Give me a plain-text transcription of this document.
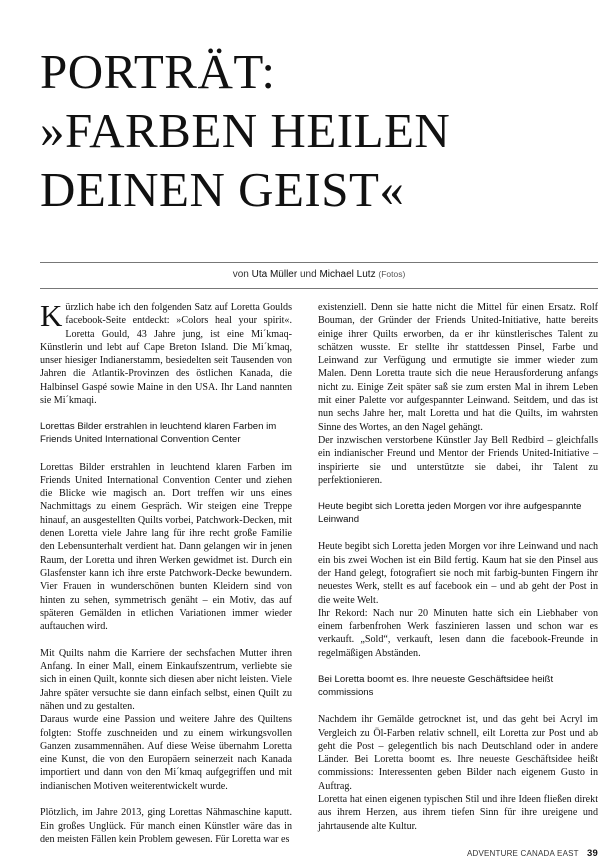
PORTRÄT:
»FARBEN HEILEN
DEINEN GEIST«
von Uta Müller und Michael Lutz (Fotos)

Kürzlich habe ich den folgenden Satz auf Loretta Goulds facebook-Seite entdeckt: »Colors heal your spirit«. Loretta Gould, 43 Jahre jung, ist eine Mi´kmaq-Künstlerin und lebt auf Cape Breton Island. Die Mi´kmaq, unser hiesiger Indianerstamm, besiedelten seit Tausenden von Jahren die Atlantik-Provinzen des östlichen Kanada, die Halbinsel Gaspé sowie Maine in den USA. Ihr Land nannten sie Mi´kmaqi.

Lorettas Bilder erstrahlen in leuchtend klaren Farben im Friends United International Convention Center

Lorettas Bilder erstrahlen in leuchtend klaren Farben im Friends United International Convention Center und ziehen die Blicke wie magisch an. Dort treffen wir uns eines Nachmittags zu einem Gespräch. Wir steigen eine Treppe hinauf, an ausgestellten Quilts vorbei, Patchwork-Decken, mit denen Loretta viele Jahre lang für ihre recht große Familie den Lebensunterhalt verdient hat. Dann gelangen wir in jenen Raum, der Loretta und ihren Werken gewidmet ist. Durch ein Glasfenster kann ich ihre erste Patchwork-Decke bewundern. Vier Frauen in wunderschönen bunten Kleidern sind von hinten zu sehen, symmetrisch genäht – ein Motiv, das auf späteren Gemälden in etlichen Variationen immer wieder auftauchen wird.

Mit Quilts nahm die Karriere der sechsfachen Mutter ihren Anfang. In einer Mall, einem Einkaufszentrum, verliebte sie sich in einen Quilt, konnte sich diesen aber nicht leisten. Viele Jahre später versuchte sie dann einfach selbst, einen Quilt zu nähen und zu gestalten.

Daraus wurde eine Passion und weitere Jahre des Quiltens folgten: Stoffe zuschneiden und zu einem wirkungsvollen Ganzen zusammennähen. Auf diese Weise übernahm Loretta eine Kunst, die von den Europäern seinerzeit nach Kanada importiert und dann von den Mi´kmaq aufgegriffen und mit indianischen Motiven weiterentwickelt wurde.

Plötzlich, im Jahre 2013, ging Lorettas Nähmaschine kaputt. Ein großes Unglück. Für manch einen Künstler wäre das in den meisten Fällen kein Problem gewesen. Für Loretta war es

existenziell. Denn sie hatte nicht die Mittel für einen Ersatz. Rolf Bouman, der Gründer der Friends United-Initiative, hatte bereits einige ihrer Quilts erworben, da er ihr künstlerisches Talent zu schätzen wusste. Er stellte ihr stattdessen Pinsel, Farbe und Leinwand zur Verfügung und ermutigte sie immer wieder zum Malen. Denn Loretta traute sich die neue Herausforderung anfangs nicht zu. Einige Zeit später saß sie zum ersten Mal in ihrem Leben mit einer Palette vor aufgespannter Leinwand. Seitdem, und das ist nun sechs Jahre her, malt Loretta und hat die Quilts, im wahrsten Sinne des Wortes, an den Nagel gehängt.

Der inzwischen verstorbene Künstler Jay Bell Redbird – gleichfalls ein indianischer Freund und Mentor der Friends United-Initiative – inspirierte sie und unterstützte sie dabei, ihr Talent zu perfektionieren.

Heute begibt sich Loretta jeden Morgen vor ihre aufgespannte Leinwand

Heute begibt sich Loretta jeden Morgen vor ihre Leinwand und nach ein bis zwei Wochen ist ein Bild fertig. Kaum hat sie den Pinsel aus der Hand gelegt, fotografiert sie noch mit farbig-bunten Fingern ihr neuestes Werk, stellt es auf facebook ein – und ab geht der Post in die weite Welt.

Ihr Rekord: Nach nur 20 Minuten hatte sich ein Liebhaber von einem farbenfrohen Werk faszinieren lassen und schon war es verkauft. „Sold“, verkauft, lesen dann die facebook-Freunde in regelmäßigen Abständen.

Bei Loretta boomt es. Ihre neueste Geschäftsidee heißt commissions

Nachdem ihr Gemälde getrocknet ist, und das geht bei Acryl im Vergleich zu Öl-Farben relativ schnell, eilt Loretta zur Post und ab geht die Post – gelegentlich bis nach Deutschland oder in andere Länder. Bei Loretta boomt es. Ihre neueste Geschäftsidee heißt commissions: Interessenten geben Bilder nach eigenem Gusto in Auftrag.

Loretta hat einen eigenen typischen Stil und ihre Ideen fließen direkt aus ihrem Herzen, aus ihrem tiefen Sinn für ihre ureigene und jahrtausende alte Kultur.

ADVENTURE CANADA EAST 39
